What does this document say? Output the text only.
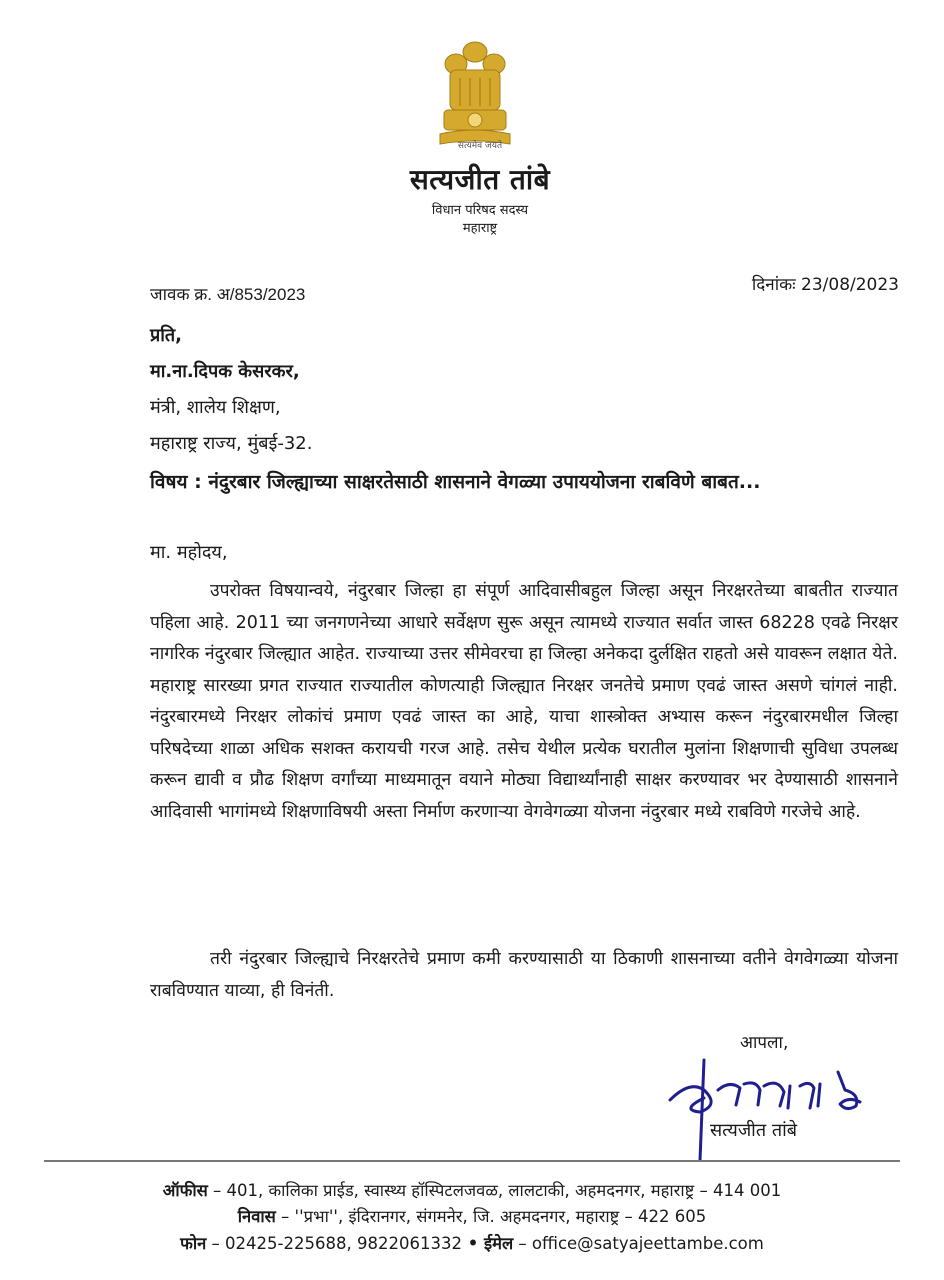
सत्यमेव जयते
सत्यजीत तांबे
विधान परिषद सदस्य
महाराष्ट्र
जावक क्र. अ/853/2023	दिनांकः 23/08/2023
प्रति,
मा.ना.दिपक केसरकर,
मंत्री, शालेय शिक्षण,
महाराष्ट्र राज्य, मुंबई-32.
विषय : नंदुरबार जिल्ह्याच्या साक्षरतेसाठी शासनाने वेगळ्या उपाययोजना राबविणे बाबत...
मा. महोदय,
उपरोक्त विषयान्वये, नंदुरबार जिल्हा हा संपूर्ण आदिवासीबहुल जिल्हा असून निरक्षरतेच्या बाबतीत राज्यात पहिला आहे. 2011 च्या जनगणनेच्या आधारे सर्वेक्षण सुरू असून त्यामध्ये राज्यात सर्वात जास्त 68228 एवढे निरक्षर नागरिक नंदुरबार जिल्ह्यात आहेत. राज्याच्या उत्तर सीमेवरचा हा जिल्हा अनेकदा दुर्लक्षित राहतो असे यावरून लक्षात येते. महाराष्ट्र सारख्या प्रगत राज्यात राज्यातील कोणत्याही जिल्ह्यात निरक्षर जनतेचे प्रमाण एवढं जास्त असणे चांगलं नाही. नंदुरबारमध्ये निरक्षर लोकांचं प्रमाण एवढं जास्त का आहे, याचा शास्त्रोक्त अभ्यास करून नंदुरबारमधील जिल्हा परिषदेच्या शाळा अधिक सशक्त करायची गरज आहे. तसेच येथील प्रत्येक घरातील मुलांना शिक्षणाची सुविधा उपलब्ध करून द्यावी व प्रौढ शिक्षण वर्गांच्या माध्यमातून वयाने मोठ्या विद्यार्थ्यांनाही साक्षर करण्यावर भर देण्यासाठी शासनाने आदिवासी भागांमध्ये शिक्षणाविषयी अस्ता निर्माण करणाऱ्या वेगवेगळ्या योजना नंदुरबार मध्ये राबविणे गरजेचे आहे.
तरी नंदुरबार जिल्ह्याचे निरक्षरतेचे प्रमाण कमी करण्यासाठी या ठिकाणी शासनाच्या वतीने वेगवेगळ्या योजना राबविण्यात याव्या, ही विनंती.
आपला,
सत्यजीत तांबे
ऑफीस – 401, कालिका प्राईड, स्वास्थ्य हॉस्पिटलजवळ, लालटाकी, अहमदनगर, महाराष्ट्र – 414 001
निवास – ''प्रभा'', इंदिरानगर, संगमनेर, जि. अहमदनगर, महाराष्ट्र – 422 605
फोन – 02425-225688, 9822061332 • ईमेल – office@satyajeettambe.com
